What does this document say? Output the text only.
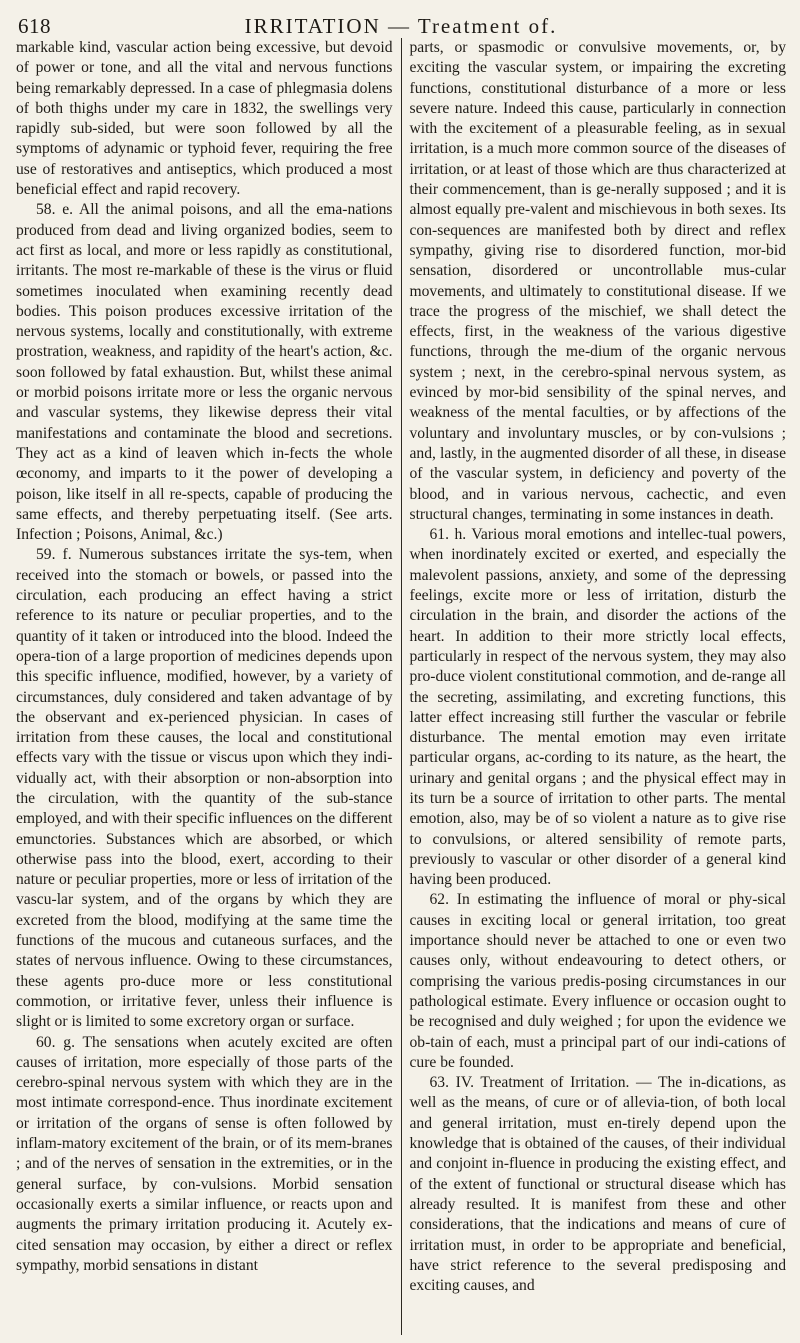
618	IRRITATION — Treatment of.

markable kind, vascular action being excessive, but devoid of power or tone, and all the vital and nervous functions being remarkably depressed. In a case of phlegmasia dolens of both thighs under my care in 1832, the swellings very rapidly sub-sided, but were soon followed by all the symptoms of adynamic or typhoid fever, requiring the free use of restoratives and antiseptics, which produced a most beneficial effect and rapid recovery.

58. e. All the animal poisons, and all the ema-nations produced from dead and living organized bodies, seem to act first as local, and more or less rapidly as constitutional, irritants. The most re-markable of these is the virus or fluid sometimes inoculated when examining recently dead bodies. This poison produces excessive irritation of the nervous systems, locally and constitutionally, with extreme prostration, weakness, and rapidity of the heart's action, &c. soon followed by fatal exhaustion. But, whilst these animal or morbid poisons irritate more or less the organic nervous and vascular systems, they likewise depress their vital manifestations and contaminate the blood and secretions. They act as a kind of leaven which in-fects the whole œconomy, and imparts to it the power of developing a poison, like itself in all re-spects, capable of producing the same effects, and thereby perpetuating itself. (See arts. Infection ; Poisons, Animal, &c.)

59. f. Numerous substances irritate the sys-tem, when received into the stomach or bowels, or passed into the circulation, each producing an effect having a strict reference to its nature or peculiar properties, and to the quantity of it taken or introduced into the blood. Indeed the opera-tion of a large proportion of medicines depends upon this specific influence, modified, however, by a variety of circumstances, duly considered and taken advantage of by the observant and ex-perienced physician. In cases of irritation from these causes, the local and constitutional effects vary with the tissue or viscus upon which they indi-vidually act, with their absorption or non-absorption into the circulation, with the quantity of the sub-stance employed, and with their specific influences on the different emunctories. Substances which are absorbed, or which otherwise pass into the blood, exert, according to their nature or peculiar properties, more or less of irritation of the vascu-lar system, and of the organs by which they are excreted from the blood, modifying at the same time the functions of the mucous and cutaneous surfaces, and the states of nervous influence. Owing to these circumstances, these agents pro-duce more or less constitutional commotion, or irritative fever, unless their influence is slight or is limited to some excretory organ or surface.

60. g. The sensations when acutely excited are often causes of irritation, more especially of those parts of the cerebro-spinal nervous system with which they are in the most intimate correspond-ence. Thus inordinate excitement or irritation of the organs of sense is often followed by inflam-matory excitement of the brain, or of its mem-branes ; and of the nerves of sensation in the extremities, or in the general surface, by con-vulsions. Morbid sensation occasionally exerts a similar influence, or reacts upon and augments the primary irritation producing it. Acutely ex-cited sensation may occasion, by either a direct or reflex sympathy, morbid sensations in distant

parts, or spasmodic or convulsive movements, or, by exciting the vascular system, or impairing the excreting functions, constitutional disturbance of a more or less severe nature. Indeed this cause, particularly in connection with the excitement of a pleasurable feeling, as in sexual irritation, is a much more common source of the diseases of irritation, or at least of those which are thus characterized at their commencement, than is ge-nerally supposed ; and it is almost equally pre-valent and mischievous in both sexes. Its con-sequences are manifested both by direct and reflex sympathy, giving rise to disordered function, mor-bid sensation, disordered or uncontrollable mus-cular movements, and ultimately to constitutional disease. If we trace the progress of the mischief, we shall detect the effects, first, in the weakness of the various digestive functions, through the me-dium of the organic nervous system ; next, in the cerebro-spinal nervous system, as evinced by mor-bid sensibility of the spinal nerves, and weakness of the mental faculties, or by affections of the voluntary and involuntary muscles, or by con-vulsions ; and, lastly, in the augmented disorder of all these, in disease of the vascular system, in deficiency and poverty of the blood, and in various nervous, cachectic, and even structural changes, terminating in some instances in death.

61. h. Various moral emotions and intellec-tual powers, when inordinately excited or exerted, and especially the malevolent passions, anxiety, and some of the depressing feelings, excite more or less of irritation, disturb the circulation in the brain, and disorder the actions of the heart. In addition to their more strictly local effects, particularly in respect of the nervous system, they may also pro-duce violent constitutional commotion, and de-range all the secreting, assimilating, and excreting functions, this latter effect increasing still further the vascular or febrile disturbance. The mental emotion may even irritate particular organs, ac-cording to its nature, as the heart, the urinary and genital organs ; and the physical effect may in its turn be a source of irritation to other parts. The mental emotion, also, may be of so violent a nature as to give rise to convulsions, or altered sensibility of remote parts, previously to vascular or other disorder of a general kind having been produced.

62. In estimating the influence of moral or phy-sical causes in exciting local or general irritation, too great importance should never be attached to one or even two causes only, without endeavouring to detect others, or comprising the various predis-posing circumstances in our pathological estimate. Every influence or occasion ought to be recognised and duly weighed ; for upon the evidence we ob-tain of each, must a principal part of our indi-cations of cure be founded.

63. IV. Treatment of Irritation. — The in-dications, as well as the means, of cure or of allevia-tion, of both local and general irritation, must en-tirely depend upon the knowledge that is obtained of the causes, of their individual and conjoint in-fluence in producing the existing effect, and of the extent of functional or structural disease which has already resulted. It is manifest from these and other considerations, that the indications and means of cure of irritation must, in order to be appropriate and beneficial, have strict reference to the several predisposing and exciting causes, and
